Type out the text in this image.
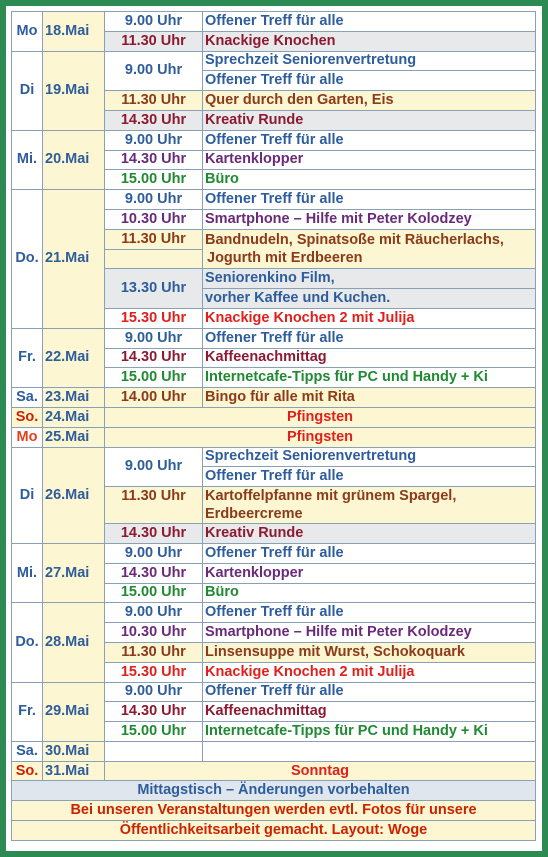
Mo	18.Mai	9.00 Uhr	Offener Treff für alle
		11.30 Uhr	Knackige Knochen
Di	19.Mai	9.00 Uhr	Sprechzeit Seniorenvertretung
			Offener Treff für alle
		11.30 Uhr	Quer durch den Garten, Eis
		14.30 Uhr	Kreativ Runde
Mi.	20.Mai	9.00 Uhr	Offener Treff für alle
		14.30 Uhr	Kartenklopper
		15.00 Uhr	Büro
Do.	21.Mai	9.00 Uhr	Offener Treff für alle
		10.30 Uhr	Smartphone – Hilfe mit Peter Kolodzey
		11.30 Uhr	Bandnudeln, Spinatsoße mit Räucherlachs,
Jogurth mit Erdbeeren

		13.30 Uhr	Seniorenkino Film,
			vorher Kaffee und Kuchen.
		15.30 Uhr	Knackige Knochen 2 mit Julija
Fr.	22.Mai	9.00 Uhr	Offener Treff für alle
		14.30 Uhr	Kaffeenachmittag
		15.00 Uhr	Internetcafe-Tipps für PC und Handy + Ki
Sa.	23.Mai	14.00 Uhr	Bingo für alle mit Rita
So.	24.Mai	Pfingsten	
Mo	25.Mai	Pfingsten	
Di	26.Mai	9.00 Uhr	Sprechzeit Seniorenvertretung
			Offener Treff für alle
		11.30 Uhr	Kartoffelpfanne mit grünem Spargel,
Erdbeercreme

		14.30 Uhr	Kreativ Runde
Mi.	27.Mai	9.00 Uhr	Offener Treff für alle
		14.30 Uhr	Kartenklopper
		15.00 Uhr	Büro
Do.	28.Mai	9.00 Uhr	Offener Treff für alle
		10.30 Uhr	Smartphone – Hilfe mit Peter Kolodzey
		11.30 Uhr	Linsensuppe mit Wurst, Schokoquark
		15.30 Uhr	Knackige Knochen 2 mit Julija
Fr.	29.Mai	9.00 Uhr	Offener Treff für alle
		14.30 Uhr	Kaffeenachmittag
		15.00 Uhr	Internetcafe-Tipps für PC und Handy + Ki
Sa.	30.Mai		
So.	31.Mai	Sonntag	
Mittagstisch – Änderungen vorbehalten			
Bei unseren Veranstaltungen werden evtl. Fotos für unsere			
Öffentlichkeitsarbeit gemacht. Layout: Woge			
